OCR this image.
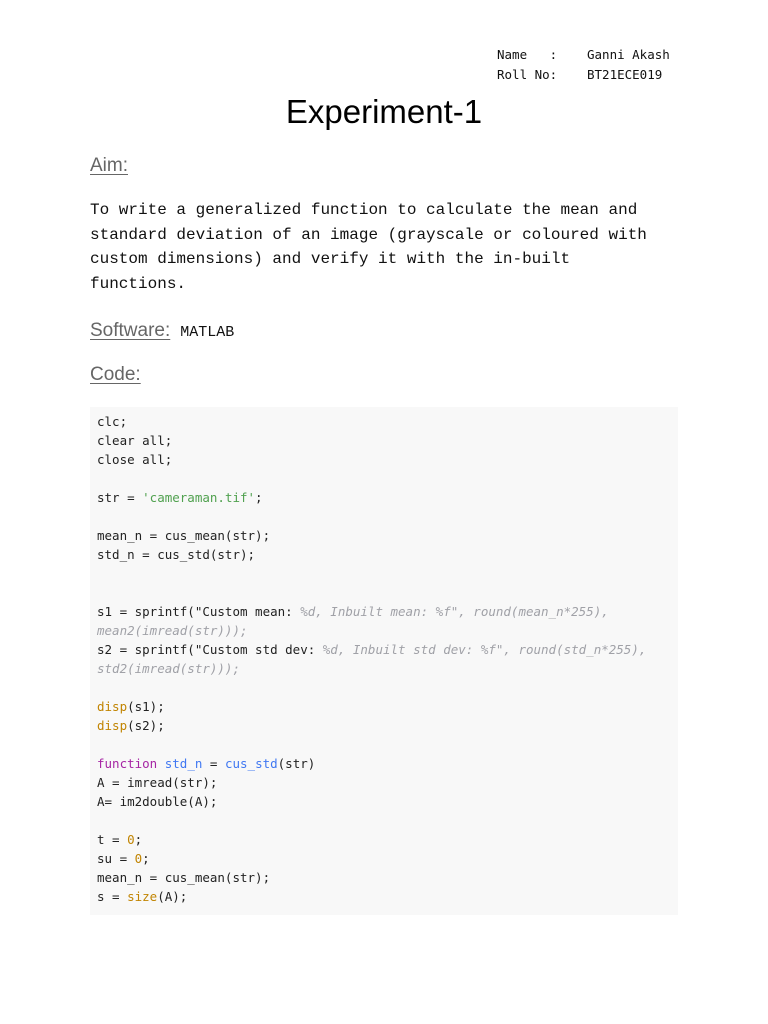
Name   :	Ganni Akash
Roll No:	BT21ECE019
Experiment-1
Aim:
To write a generalized function to calculate the mean and standard deviation of an image (grayscale or coloured with custom dimensions) and verify it with the in-built functions.
Software: MATLAB
Code:
clc;
clear all;
close all;
str = 'cameraman.tif';
mean_n = cus_mean(str);
std_n = cus_std(str);
s1 = sprintf("Custom mean: %d, Inbuilt mean: %f", round(mean_n*255),
mean2(imread(str)));
s2 = sprintf("Custom std dev: %d, Inbuilt std dev: %f", round(std_n*255),
std2(imread(str)));
disp(s1);
disp(s2);
function std_n = cus_std(str)
A = imread(str);
A= im2double(A);
t = 0;
su = 0;
mean_n = cus_mean(str);
s = size(A);
